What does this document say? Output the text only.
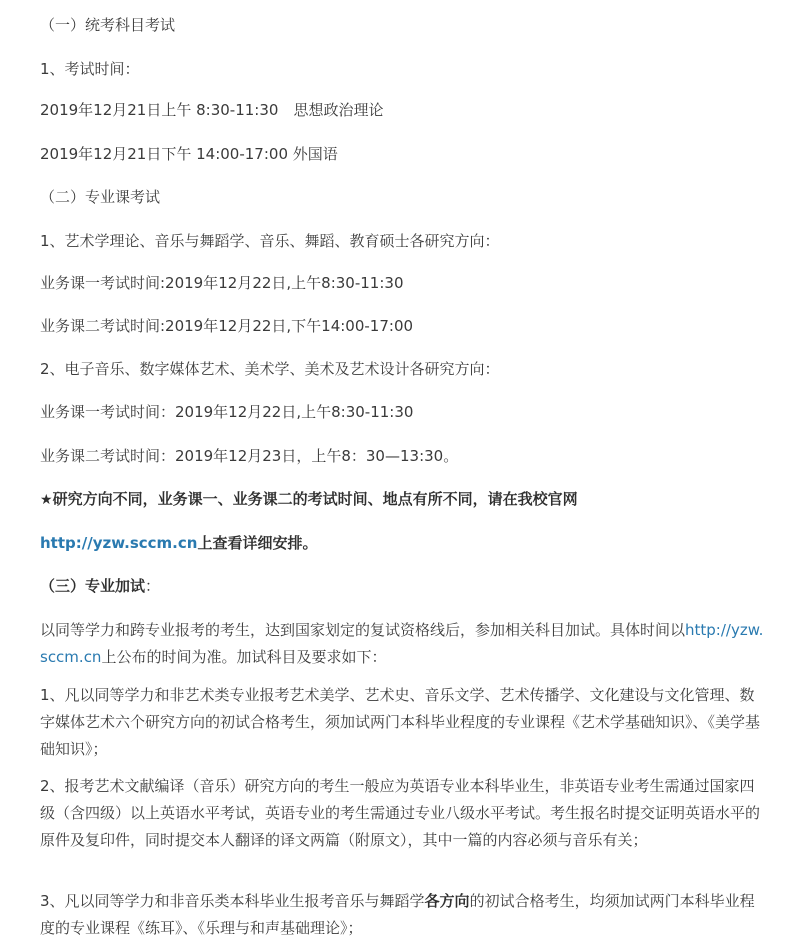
（一）统考科目考试
1、考试时间：
2019年12月21日上午 8:30-11:30　思想政治理论
2019年12月21日下午 14:00-17:00 外国语
（二）专业课考试
1、艺术学理论、音乐与舞蹈学、音乐、舞蹈、教育硕士各研究方向：
业务课一考试时间:2019年12月22日,上午8:30-11:30
业务课二考试时间:2019年12月22日,下午14:00-17:00
2、电子音乐、数字媒体艺术、美术学、美术及艺术设计各研究方向：
业务课一考试时间：2019年12月22日,上午8:30-11:30
业务课二考试时间：2019年12月23日，上午8：30—13:30。
★研究方向不同，业务课一、业务课二的考试时间、地点有所不同，请在我校官网
http://yzw.sccm.cn上查看详细安排。
（三）专业加试：
以同等学力和跨专业报考的考生，达到国家划定的复试资格线后，参加相关科目加试。具体时间以http://yzw.sccm.cn上公布的时间为准。加试科目及要求如下：
1、凡以同等学力和非艺术类专业报考艺术美学、艺术史、音乐文学、艺术传播学、文化建设与文化管理、数字媒体艺术六个研究方向的初试合格考生，须加试两门本科毕业程度的专业课程《艺术学基础知识》、《美学基础知识》；
2、报考艺术文献编译（音乐）研究方向的考生一般应为英语专业本科毕业生，非英语专业考生需通过国家四级（含四级）以上英语水平考试，英语专业的考生需通过专业八级水平考试。考生报名时提交证明英语水平的原件及复印件，同时提交本人翻译的译文两篇（附原文），其中一篇的内容必须与音乐有关；
3、凡以同等学力和非音乐类本科毕业生报考音乐与舞蹈学各方向的初试合格考生，均须加试两门本科毕业程度的专业课程《练耳》、《乐理与和声基础理论》；
